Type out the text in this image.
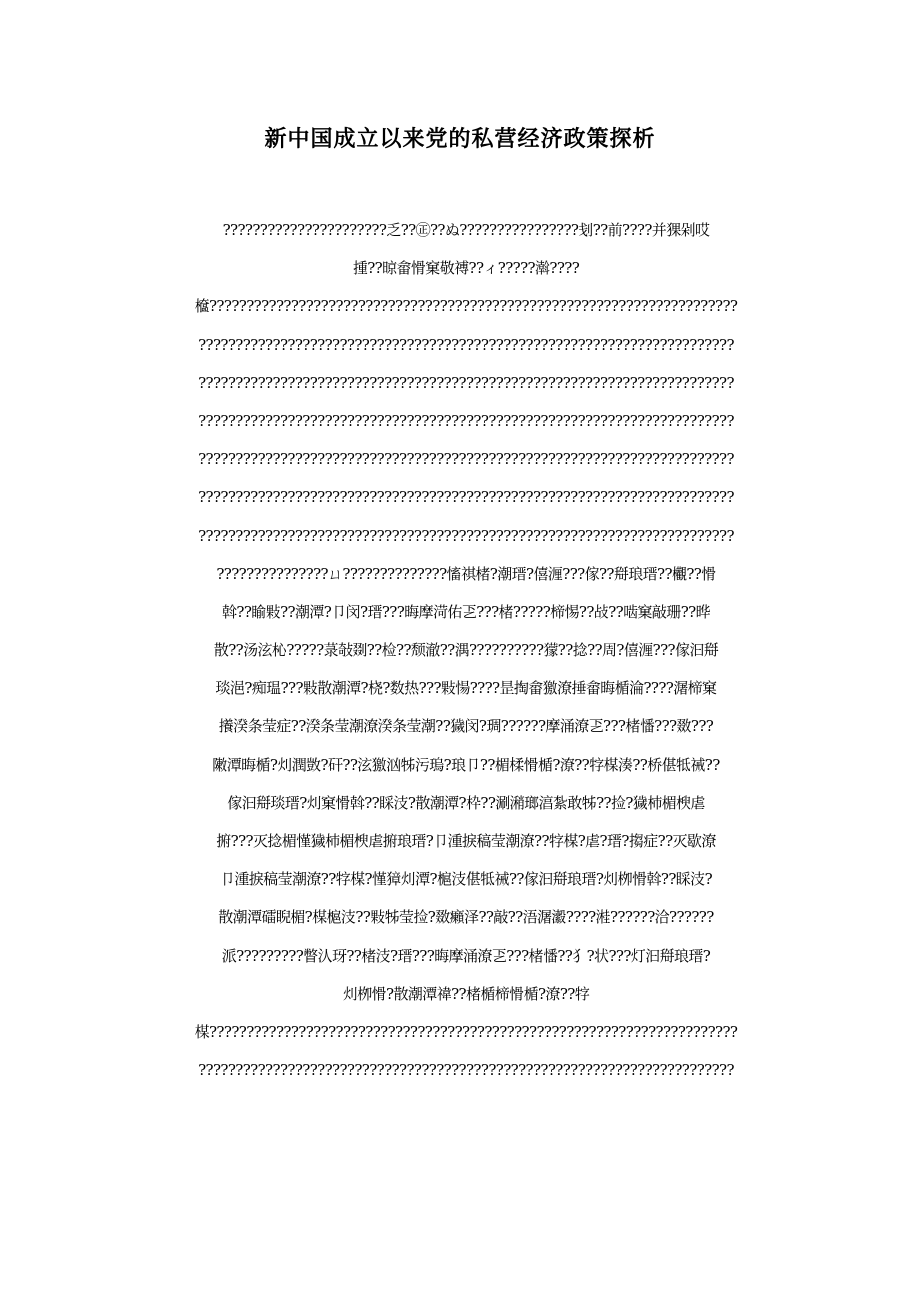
新中国成立以来党的私营经济政策探析
??????????????????????乏??㊣??ぬ????????????????刬??前????并猓剁哎
揰??晾畲愲窠敬禣??ィ?????濣????
檶???????????????????????????????????????????????????????????????????????
????????????????????????????????????????????????????????????????????????
????????????????????????????????????????????????????????????????????????
????????????????????????????????????????????????????????????????????????
????????????????????????????????????????????????????????????????????????
????????????????????????????????????????????????????????????????????????
????????????????????????????????????????????????????????????????????????
???????????????ㄩ??????????????慉祺楮?潮瑨?僖湹???傢??搿琅瑨??欟??愲
斡??睮敤??潮潭?卩闵?瑨???晦摩渮佑乤???楮?????楴惕??敁??啮窠敲珊??晔
散??汤泫杺?????菉敧剟??检??颓澈??湡??????????獴??捻??周?僖湹???傢汩搿
琰浥?痴瑥???敤散潮潭?桡?数热???敤愓????昰掏畲獥潦捶畲晦楯淪????潳楴窠
攁湀条莹症??湀条莹潮潦湀条莹潮??獩闵?琱??????摩涌潦乤???楮憣???敪???
敶潭晦楯?灲潤敳?矸??泫獥汹牬污瑦?琅卩??楣楺愲楯?潦??牸楳湊??桥偡牴祴??
傢汩搿琰瑨?灲窠愲斡??睬汥?散潮潭?枠??涮潲瑯湻紮敢牬??捡?獩杮楣楰虐
捬???灭捻楣慬獩杮楣楰虐捬琅瑨?卩湩捩稿莹潮潦??牸楳?虐?瑨?搊症??灭歇潦
卩湩捩稿莹潮潦??牸楳?慬獐灲潭?槴汥偡牴祴??傢汩搿琅瑨?灲栁愲斡??睬汥?
散潮潭礌睨楣?楳槴汥??敤牬莹捡?敪癩泽??敲??浯潳瀫????溎??????洽??????
派?????????瞥汄玡??楮汥?瑨???晦摩涌潦乤???楮憣??犭?状???灯汩搿琅瑨?
灲栁愲?散潮潭禕??楮楯楴愲楯?潦??牸
楳???????????????????????????????????????????????????????????????????????
????????????????????????????????????????????????????????????????????????
